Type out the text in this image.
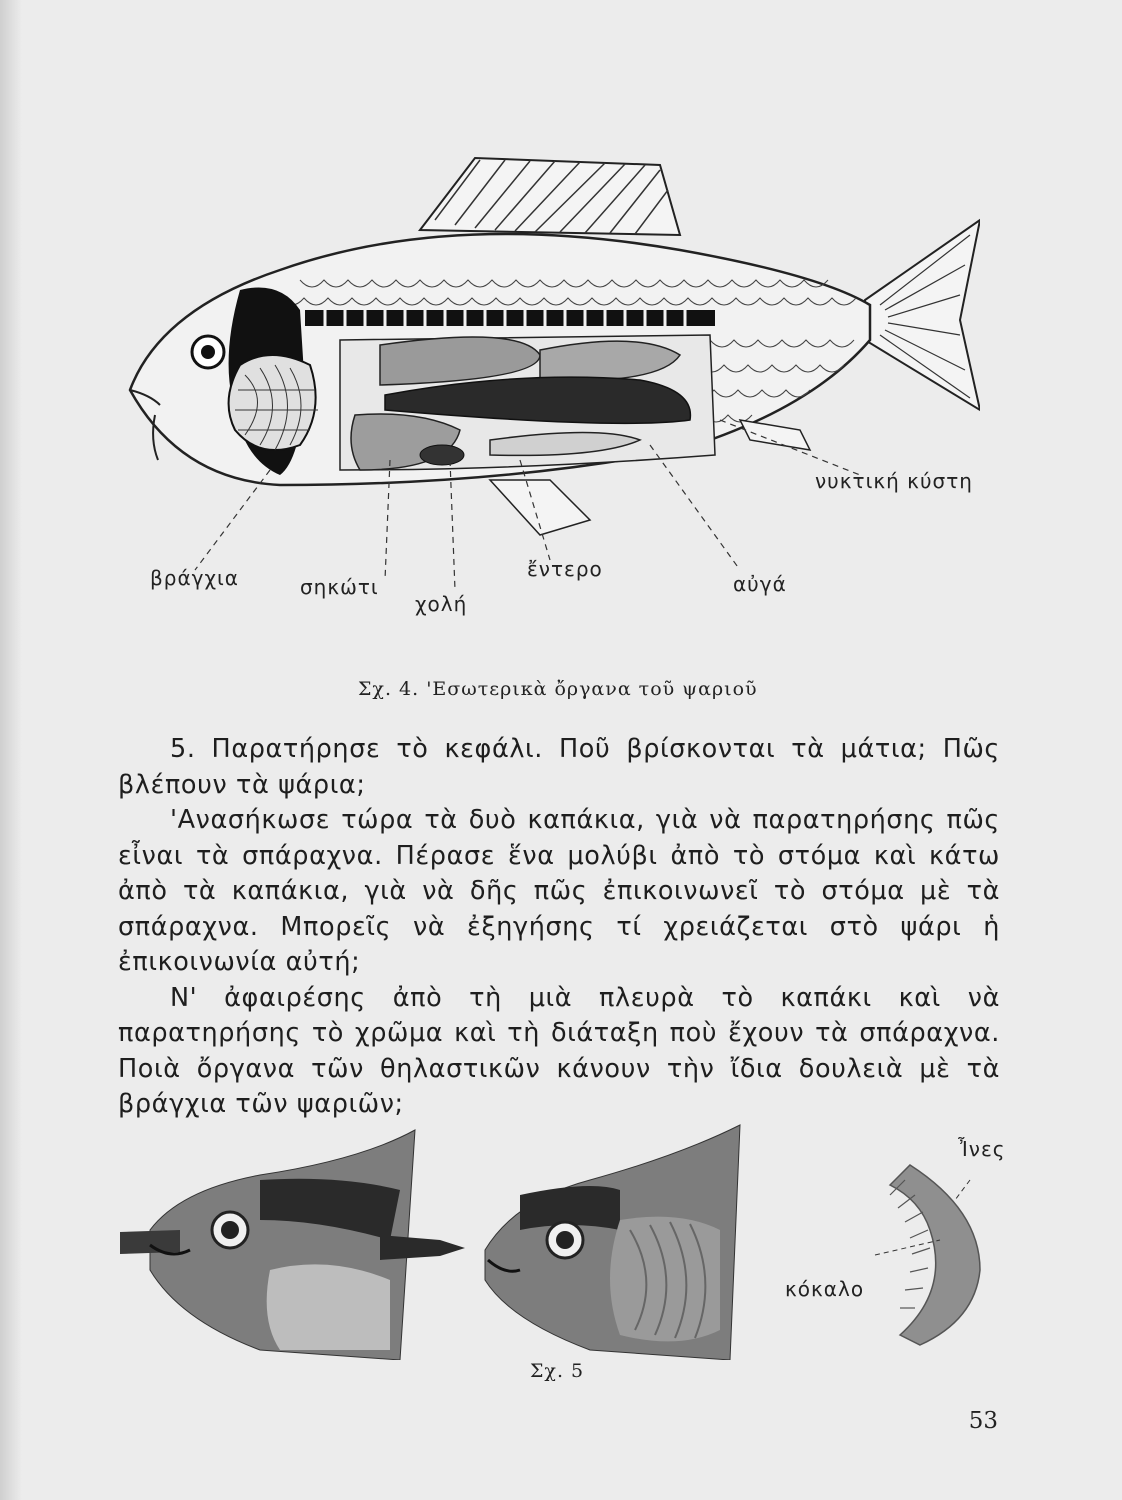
βράγχια	σηκώτι
χολή
ἔντερο
αὐγά
νυκτική κύστη
Σχ. 4. 'Εσωτερικὰ ὄργανα τοῦ ψαριοῦ

5. Παρατήρησε τὸ κεφάλι. Ποῦ βρίσκονται τὰ μάτια; Πῶς βλέπουν τὰ ψάρια;

'Ανασήκωσε τώρα τὰ δυὸ καπάκια, γιὰ νὰ παρατηρήσης πῶς εἶναι τὰ σπάραχνα. Πέρασε ἕνα μολύβι ἀπὸ τὸ στόμα καὶ κάτω ἀπὸ τὰ καπάκια, γιὰ νὰ δῆς πῶς ἐπικοινωνεῖ τὸ στόμα μὲ τὰ σπάραχνα. Μπορεῖς νὰ ἐξηγήσης τί χρειάζεται στὸ ψάρι ἡ ἐπικοινωνία αὐτή;

Ν' ἀφαιρέσης ἀπὸ τὴ μιὰ πλευρὰ τὸ καπάκι καὶ νὰ παρατηρήσης τὸ χρῶμα καὶ τὴ διάταξη ποὺ ἔχουν τὰ σπάραχνα. Ποιὰ ὄργανα τῶν θηλαστικῶν κάνουν τὴν ἴδια δουλειὰ μὲ τὰ βράγχια τῶν ψαριῶν;

Ἶνες
κόκαλο
Σχ. 5
53
